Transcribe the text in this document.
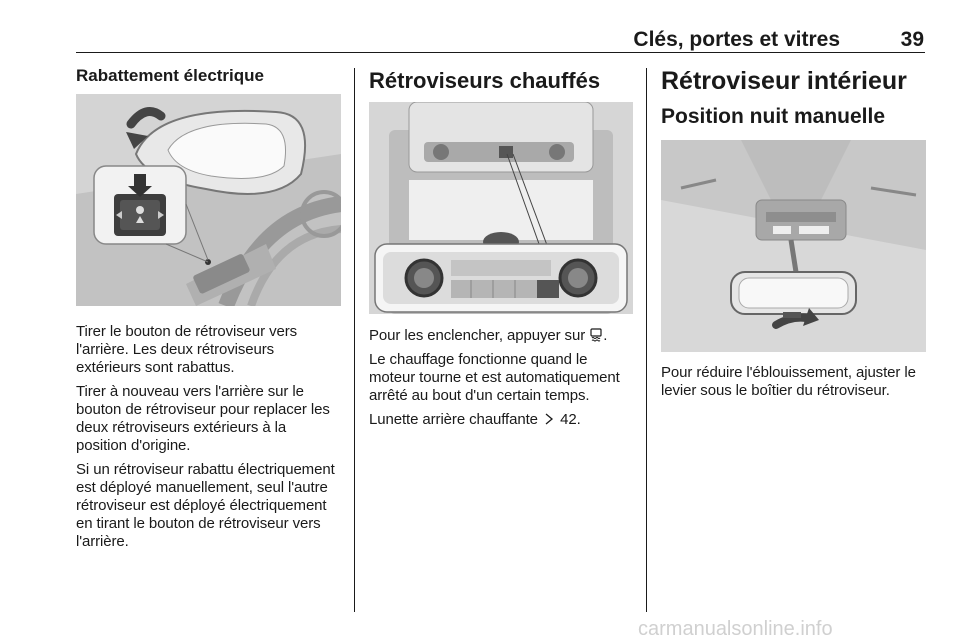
Clés, portes et vitres	39
Rabattement électrique

Tirer le bouton de rétroviseur vers l'arrière. Les deux rétroviseurs extérieurs sont rabattus.

Tirer à nouveau vers l'arrière sur le bouton de rétroviseur pour replacer les deux rétroviseurs extérieurs à la position d'origine.

Si un rétroviseur rabattu électriquement est déployé manuellement, seul l'autre rétroviseur est déployé électriquement en tirant le bouton de rétroviseur vers l'arrière.

Rétroviseurs chauffés

Pour les enclencher, appuyer sur .

Le chauffage fonctionne quand le moteur tourne et est automatiquement arrêté au bout d'un certain temps.

Lunette arrière chauffante 42.

Rétroviseur intérieur
Position nuit manuelle

Pour réduire l'éblouissement, ajuster le levier sous le boîtier du rétroviseur.

carmanualsonline.info
